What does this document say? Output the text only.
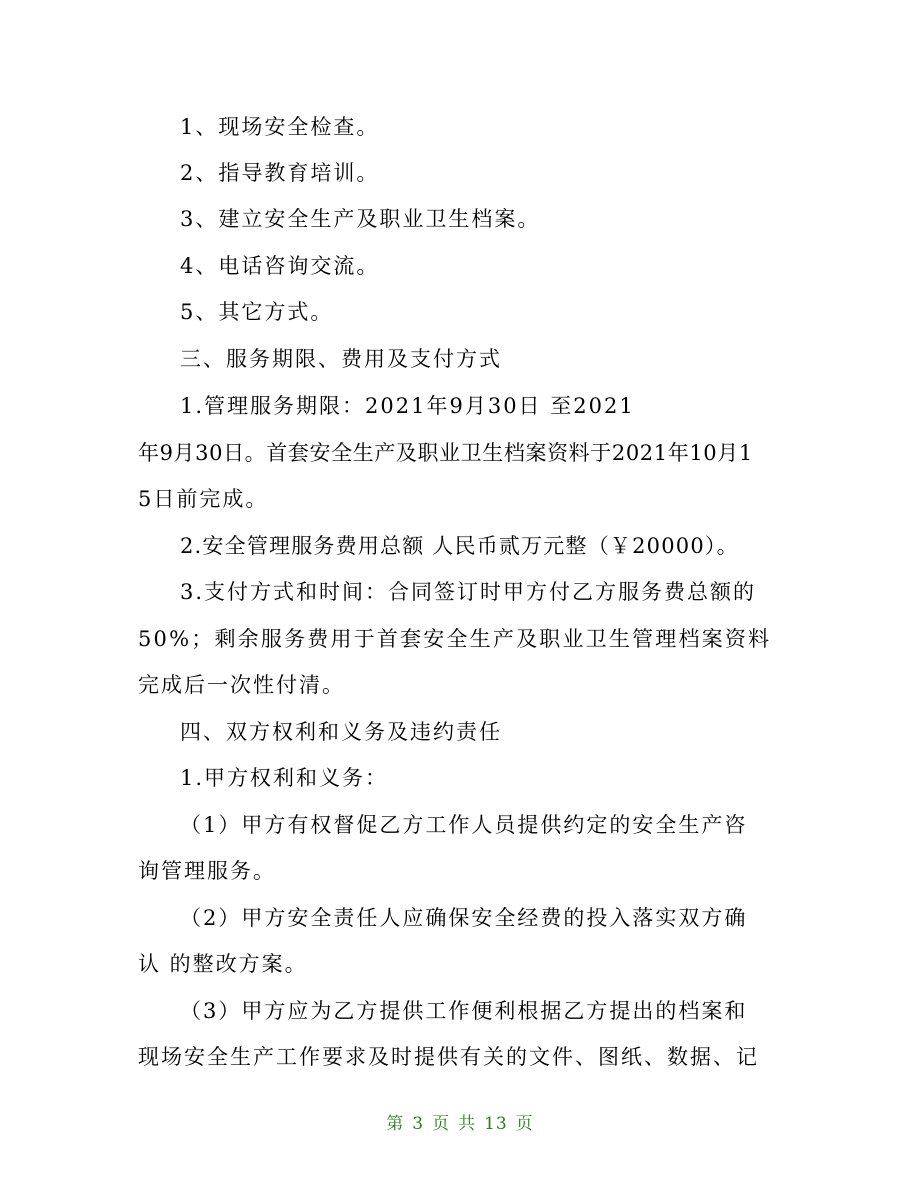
1、现场安全检查。
2、指导教育培训。
3、建立安全生产及职业卫生档案。
4、电话咨询交流。
5、其它方式。
三、服务期限、费用及支付方式
1.管理服务期限：2021年9月30日 至2021
年9月30日。首套安全生产及职业卫生档案资料于2021年10月1
5日前完成。
2.安全管理服务费用总额 人民币贰万元整（￥20000）。
3.支付方式和时间：合同签订时甲方付乙方服务费总额的
50%；剩余服务费用于首套安全生产及职业卫生管理档案资料
完成后一次性付清。
四、双方权利和义务及违约责任
1.甲方权利和义务：
（1）甲方有权督促乙方工作人员提供约定的安全生产咨
询管理服务。
（2）甲方安全责任人应确保安全经费的投入落实双方确
认 的整改方案。
（3）甲方应为乙方提供工作便利根据乙方提出的档案和
现场安全生产工作要求及时提供有关的文件、图纸、数据、记
第 3 页 共 13 页
